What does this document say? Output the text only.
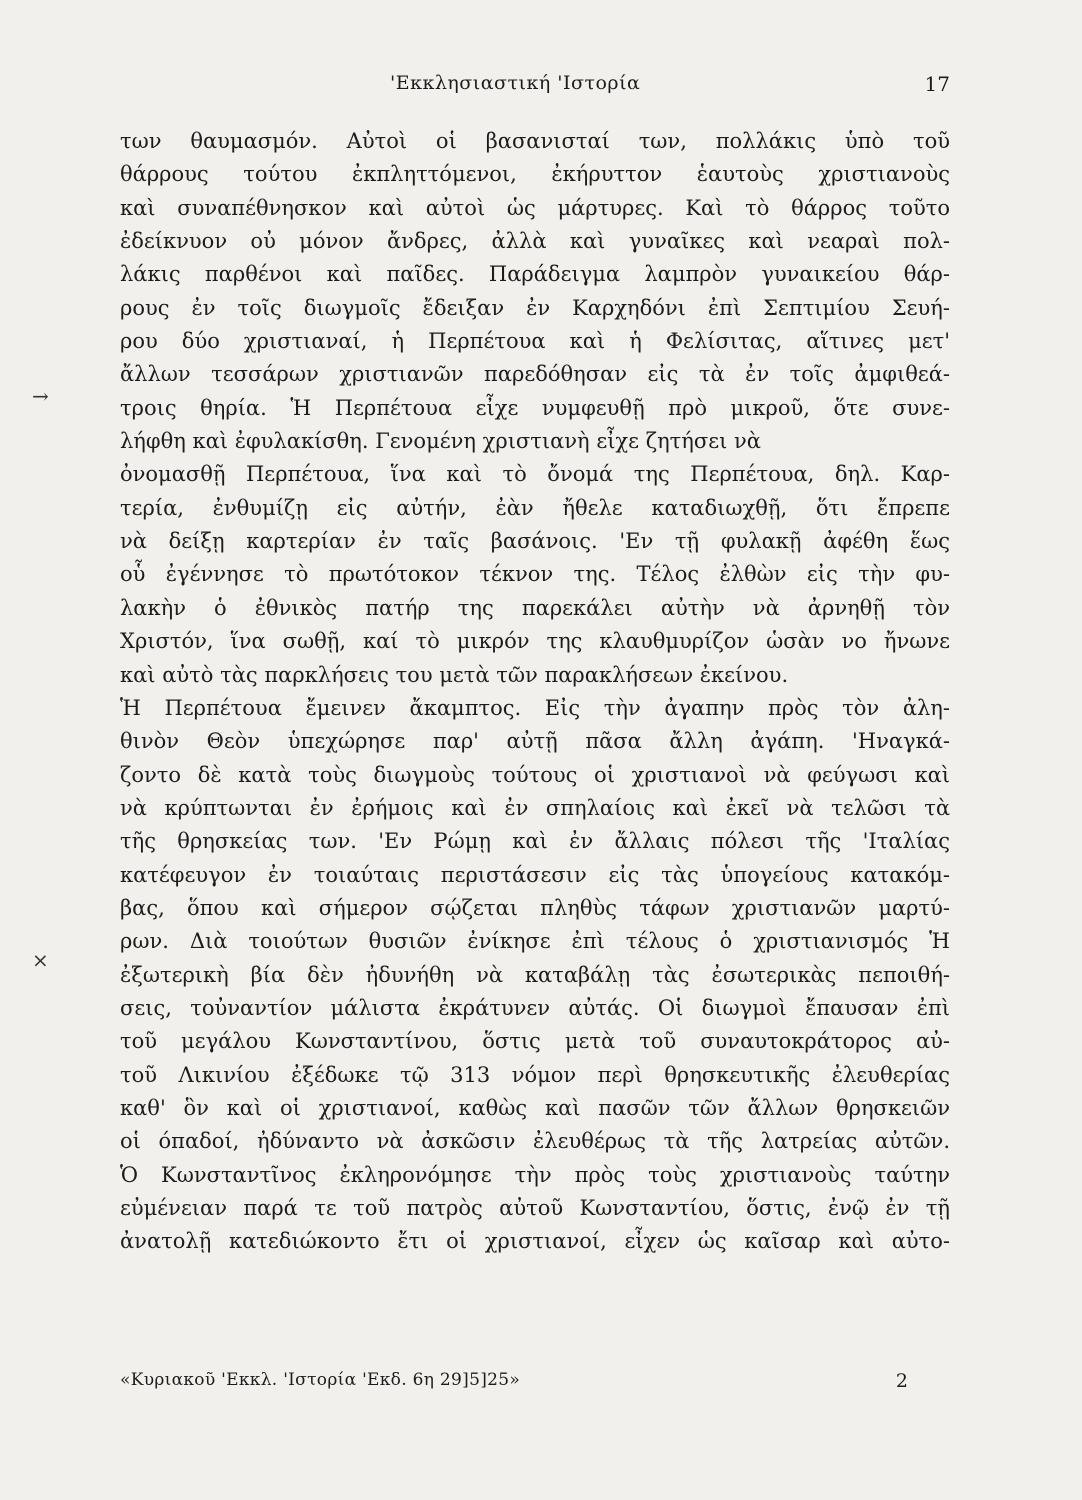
'Εκκλησιαστική 'Ιστορία	17
→
×
των θαυμασμόν. Αὐτοὶ οἱ βασανισταί των, πολλάκις ὑπὸ τοῦ
θάρρους τούτου ἐκπληττόμενοι, ἐκήρυττον ἑαυτοὺς χριστιανοὺς
καὶ συναπέθνησκον καὶ αὐτοὶ ὡς μάρτυρες. Καὶ τὸ θάρρος τοῦτο
ἐδείκνυον οὐ μόνον ἄνδρες, ἀλλὰ καὶ γυναῖκες καὶ νεαραὶ πολ-
λάκις παρθένοι καὶ παῖδες. Παράδειγμα λαμπρὸν γυναικείου θάρ-
ρους ἐν τοῖς διωγμοῖς ἔδειξαν ἐν Καρχηδόνι ἐπὶ Σεπτιμίου Σευή-
ρου δύο χριστιαναί, ἡ Περπέτουα καὶ ἡ Φελίσιτας, αἵτινες μετ'
ἄλλων τεσσάρων χριστιανῶν παρεδόθησαν εἰς τὰ ἐν τοῖς ἀμφιθεά-
τροις θηρία. Ἡ Περπέτουα εἶχε νυμφευθῇ πρὸ μικροῦ, ὅτε συνε-
λήφθη καὶ ἐφυλακίσθη. Γενομένη χριστιανὴ εἶχε ζητήσει νὰ
ὀνομασθῇ Περπέτουα, ἵνα καὶ τὸ ὄνομά της Περπέτουα, δηλ. Καρ-
τερία, ἐνθυμίζῃ εἰς αὐτήν, ἐὰν ἤθελε καταδιωχθῇ, ὅτι ἔπρεπε
νὰ δείξῃ καρτερίαν ἐν ταῖς βασάνοις. 'Εν τῇ φυλακῇ ἀφέθη ἕως
οὗ ἐγέννησε τὸ πρωτότοκον τέκνον της. Τέλος ἐλθὼν εἰς τὴν φυ-
λακὴν ὁ ἐθνικὸς πατήρ της παρεκάλει αὐτὴν νὰ ἀρνηθῇ τὸν
Χριστόν, ἵνα σωθῇ, καί τὸ μικρόν της κλαυθμυρίζον ὡσὰν νο ἤνωνε
καὶ αὐτὸ τὰς παρκλήσεις του μετὰ τῶν παρακλήσεων ἐκείνου.
Ἡ Περπέτουα ἔμεινεν ἄκαμπτος. Εἰς τὴν ἀγαπην πρὸς τὸν ἀλη-
θινὸν Θεὸν ὑπεχώρησε παρ' αὐτῇ πᾶσα ἄλλη ἀγάπη. 'Ηναγκά-
ζοντο δὲ κατὰ τοὺς διωγμοὺς τούτους οἱ χριστιανοὶ νὰ φεύγωσι καὶ
νὰ κρύπτωνται ἐν ἐρήμοις καὶ ἐν σπηλαίοις καὶ ἐκεῖ νὰ τελῶσι τὰ
τῆς θρησκείας των. 'Εν Ρώμῃ καὶ ἐν ἄλλαις πόλεσι τῆς 'Ιταλίας
κατέφευγον ἐν τοιαύταις περιστάσεσιν εἰς τὰς ὑπογείους κατακόμ-
βας, ὅπου καὶ σήμερον σῴζεται πληθὺς τάφων χριστιανῶν μαρτύ-
ρων. Διὰ τοιούτων θυσιῶν ἐνίκησε ἐπὶ τέλους ὁ χριστιανισμός Ἡ
ἐξωτερικὴ βία δὲν ἠδυνήθη νὰ καταβάλῃ τὰς ἐσωτερικὰς πεποιθή-
σεις, τοὐναντίον μάλιστα ἐκράτυνεν αὐτάς. Οἱ διωγμοὶ ἔπαυσαν ἐπὶ
τοῦ μεγάλου Κωνσταντίνου, ὅστις μετὰ τοῦ συναυτοκράτορος αὐ-
τοῦ Λικινίου ἐξέδωκε τῷ 313 νόμον περὶ θρησκευτικῆς ἐλευθερίας
καθ' ὃν καὶ οἱ χριστιανοί, καθὼς καὶ πασῶν τῶν ἄλλων θρησκειῶν
οἱ όπαδοί, ἠδύναντο νὰ ἀσκῶσιν ἐλευθέρως τὰ τῆς λατρείας αὐτῶν.
Ὁ Κωνσταντῖνος ἐκληρονόμησε τὴν πρὸς τοὺς χριστιανοὺς ταύτην
εὐμένειαν παρά τε τοῦ πατρὸς αὐτοῦ Κωνσταντίου, ὅστις, ἐνῷ ἐν τῇ
ἀνατολῇ κατεδιώκοντο ἔτι οἱ χριστιανοί, εἶχεν ὡς καῖσαρ καὶ αὐτο-
«Κυριακοῦ 'Εκκλ. 'Ιστορία 'Εκδ. 6η 29]5]25»	2
